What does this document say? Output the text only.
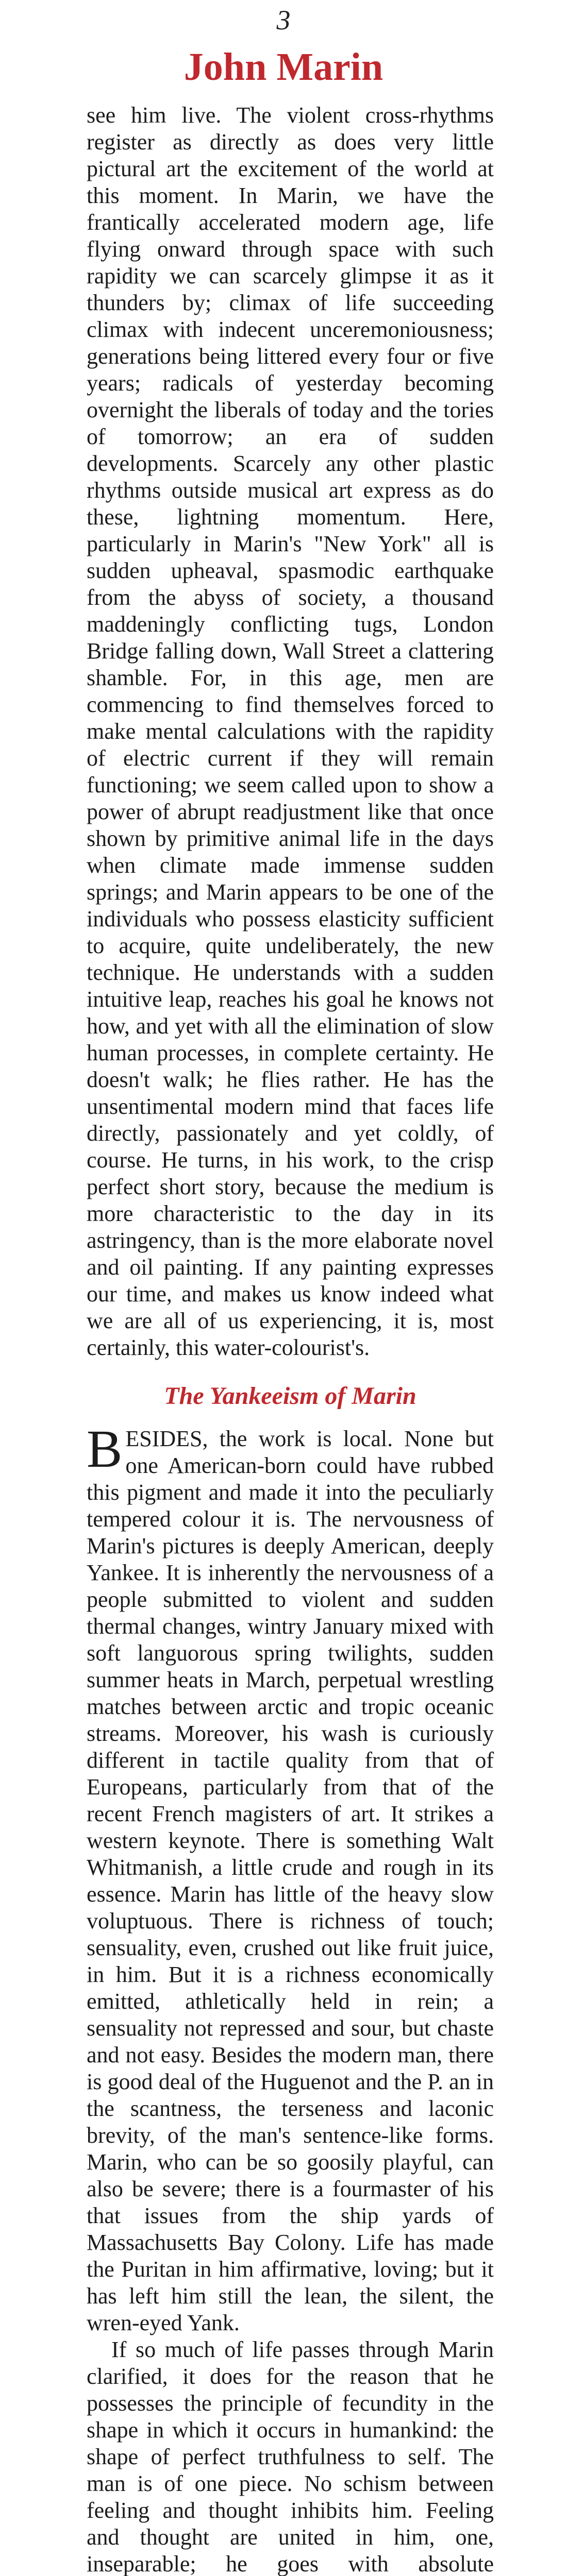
3
John Marin

see him live. The violent cross-rhythms register as directly as does very little pictural art the excitement of the world at this moment. In Marin, we have the frantically accelerated modern age, life flying onward through space with such rapidity we can scarcely glimpse it as it thunders by; climax of life succeeding climax with indecent unceremoniousness; generations being littered every four or five years; radicals of yesterday becoming overnight the liberals of today and the tories of tomorrow; an era of sudden developments. Scarcely any other plastic rhythms outside musical art express as do these, lightning momentum. Here, particularly in Marin's "New York" all is sudden upheaval, spasmodic earthquake from the abyss of society, a thousand maddeningly conflicting tugs, London Bridge falling down, Wall Street a clattering shamble. For, in this age, men are commencing to find themselves forced to make mental calculations with the rapidity of electric current if they will remain functioning; we seem called upon to show a power of abrupt readjustment like that once shown by primitive animal life in the days when climate made immense sudden springs; and Marin appears to be one of the individuals who possess elasticity sufficient to acquire, quite undeliberately, the new technique. He understands with a sudden intuitive leap, reaches his goal he knows not how, and yet with all the elimination of slow human processes, in complete certainty. He doesn't walk; he flies rather. He has the unsentimental modern mind that faces life directly, passionately and yet coldly, of course. He turns, in his work, to the crisp perfect short story, because the medium is more characteristic to the day in its astringency, than is the more elaborate novel and oil painting. If any painting expresses our time, and makes us know indeed what we are all of us experiencing, it is, most certainly, this water-colourist's.

The Yankeeism of Marin

B ESIDES, the work is local. None but one American-born could have rubbed this pigment and made it into the peculiarly tempered colour it is. The nervousness of Marin's pictures is deeply American, deeply Yankee. It is inherently the nervousness of a people submitted to violent and sudden thermal changes, wintry January mixed with soft languorous spring twilights, sudden summer heats in March, perpetual wrestling matches between arctic and tropic oceanic streams. Moreover, his wash is curiously different in tactile quality from that of Europeans, particularly from that of the recent French magisters of art. It strikes a western keynote. There is something Walt Whitmanish, a little crude and rough in its essence. Marin has little of the heavy slow voluptuous. There is richness of touch; sensuality, even, crushed out like fruit juice, in him. But it is a richness economically emitted, athletically held in rein; a sensuality not repressed and sour, but chaste and not easy. Besides the modern man, there is good deal of the Huguenot and the P. an in the scantness, the terseness and laconic brevity, of the man's sentence-like forms. Marin, who can be so goosily playful, can also be severe; there is a fourmaster of his that issues from the ship yards of Massachusetts Bay Colony. Life has made the Puritan in him affirmative, loving; but it has left him still the lean, the silent, the wren-eyed Yank.

If so much of life passes through Marin clarified, it does for the reason that he possesses the principle of fecundity in the shape in which it occurs in humankind: the shape of perfect truthfulness to self. The man is of one piece. No schism between feeling and thought inhibits him. Feeling and thought are united in him, one, inseparable; he goes with absolute
